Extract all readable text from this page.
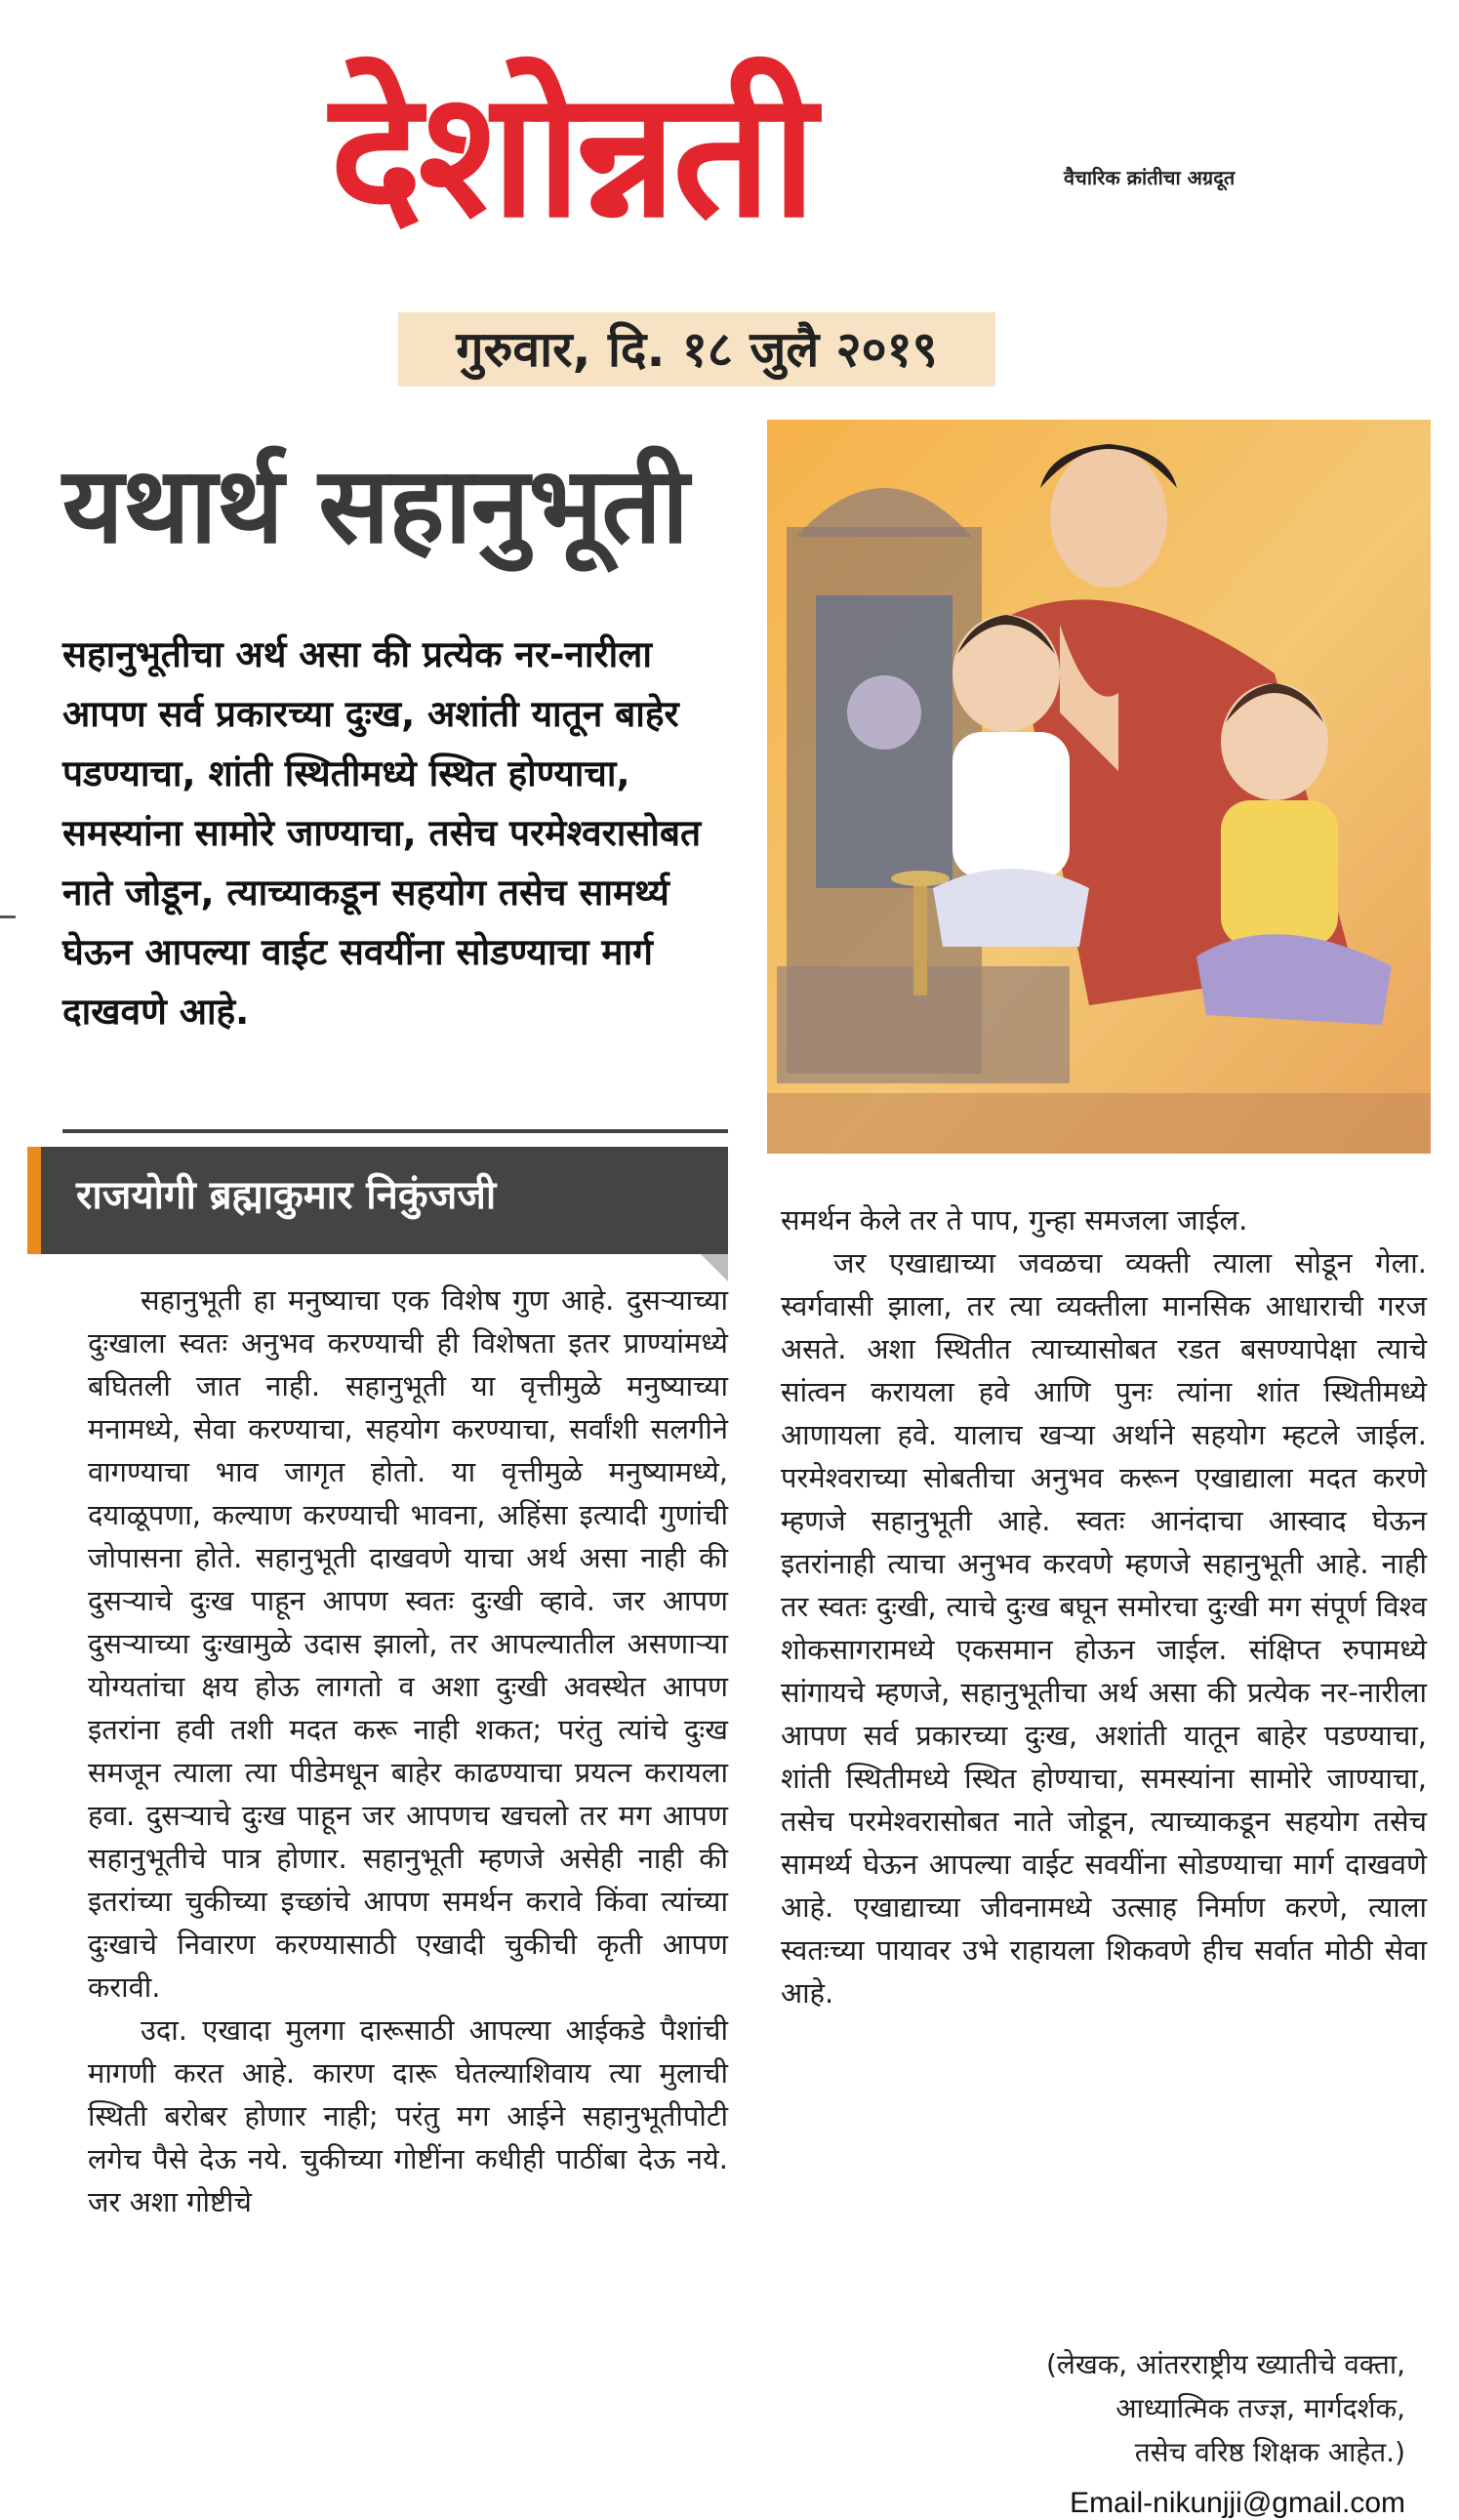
देशोन्नती	वैचारिक क्रांतीचा अग्रदूत
गुरुवार, दि. १८ जुलै २०१९
यथार्थ सहानुभूती
सहानुभूतीचा अर्थ असा की प्रत्येक नर-नारीला आपण सर्व प्रकारच्या दुःख, अशांती यातून बाहेर पडण्याचा, शांती स्थितीमध्ये स्थित होण्याचा, समस्यांना सामोरे जाण्याचा, तसेच परमेश्वरासोबत नाते जोडून, त्याच्याकडून सहयोग तसेच सामर्थ्य घेऊन आपल्या वाईट सवयींना सोडण्याचा मार्ग दाखवणे आहे.
राजयोगी ब्रह्माकुमार निकुंजजी

सहानुभूती हा मनुष्याचा एक विशेष गुण आहे. दुसऱ्याच्या दुःखाला स्वतः अनुभव करण्याची ही विशेषता इतर प्राण्यांमध्ये बघितली जात नाही. सहानुभूती या वृत्तीमुळे मनुष्याच्या मनामध्ये, सेवा करण्याचा, सहयोग करण्याचा, सर्वांशी सलगीने वागण्याचा भाव जागृत होतो. या वृत्तीमुळे मनुष्यामध्ये, दयाळूपणा, कल्याण करण्याची भावना, अहिंसा इत्यादी गुणांची जोपासना होते. सहानुभूती दाखवणे याचा अर्थ असा नाही की दुसऱ्याचे दुःख पाहून आपण स्वतः दुःखी व्हावे. जर आपण दुसऱ्याच्या दुःखामुळे उदास झालो, तर आपल्यातील असणाऱ्या योग्यतांचा क्षय होऊ लागतो व अशा दुःखी अवस्थेत आपण इतरांना हवी तशी मदत करू नाही शकत; परंतु त्यांचे दुःख समजून त्याला त्या पीडेमधून बाहेर काढण्याचा प्रयत्न करायला हवा. दुसऱ्याचे दुःख पाहून जर आपणच खचलो तर मग आपण सहानुभूतीचे पात्र होणार. सहानुभूती म्हणजे असेही नाही की इतरांच्या चुकीच्या इच्छांचे आपण समर्थन करावे किंवा त्यांच्या दुःखाचे निवारण करण्यासाठी एखादी चुकीची कृती आपण करावी.

उदा. एखादा मुलगा दारूसाठी आपल्या आईकडे पैशांची मागणी करत आहे. कारण दारू घेतल्याशिवाय त्या मुलाची स्थिती बरोबर होणार नाही; परंतु मग आईने सहानुभूतीपोटी लगेच पैसे देऊ नये. चुकीच्या गोष्टींना कधीही पाठींबा देऊ नये. जर अशा गोष्टीचे

समर्थन केले तर ते पाप, गुन्हा समजला जाईल.

जर एखाद्याच्या जवळचा व्यक्ती त्याला सोडून गेला. स्वर्गवासी झाला, तर त्या व्यक्तीला मानसिक आधाराची गरज असते. अशा स्थितीत त्याच्यासोबत रडत बसण्यापेक्षा त्याचे सांत्वन करायला हवे आणि पुनः त्यांना शांत स्थितीमध्ये आणायला हवे. यालाच खऱ्या अर्थाने सहयोग म्हटले जाईल. परमेश्वराच्या सोबतीचा अनुभव करून एखाद्याला मदत करणे म्हणजे सहानुभूती आहे. स्वतः आनंदाचा आस्वाद घेऊन इतरांनाही त्याचा अनुभव करवणे म्हणजे सहानुभूती आहे. नाही तर स्वतः दुःखी, त्याचे दुःख बघून समोरचा दुःखी मग संपूर्ण विश्व शोकसागरामध्ये एकसमान होऊन जाईल. संक्षिप्त रुपामध्ये सांगायचे म्हणजे, सहानुभूतीचा अर्थ असा की प्रत्येक नर-नारीला आपण सर्व प्रकारच्या दुःख, अशांती यातून बाहेर पडण्याचा, शांती स्थितीमध्ये स्थित होण्याचा, समस्यांना सामोरे जाण्याचा, तसेच परमेश्वरासोबत नाते जोडून, त्याच्याकडून सहयोग तसेच सामर्थ्य घेऊन आपल्या वाईट सवयींना सोडण्याचा मार्ग दाखवणे आहे. एखाद्याच्या जीवनामध्ये उत्साह निर्माण करणे, त्याला स्वतःच्या पायावर उभे राहायला शिकवणे हीच सर्वात मोठी सेवा आहे.

(लेखक, आंतरराष्ट्रीय ख्यातीचे वक्ता,
आध्यात्मिक तज्ज्ञ, मार्गदर्शक,
तसेच वरिष्ठ शिक्षक आहेत.)
Email-nikunjji@gmail.com
